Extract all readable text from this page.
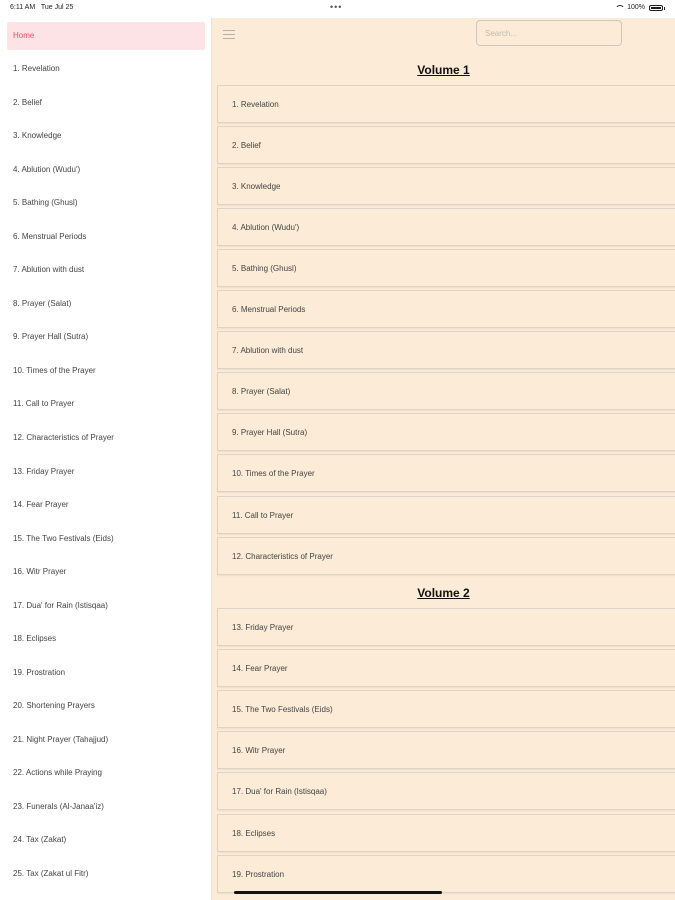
6:11 AM Tue Jul 25	•••	100%
Home
1. Revelation
2. Belief
3. Knowledge
4. Ablution (Wudu')
5. Bathing (Ghusl)
6. Menstrual Periods
7. Ablution with dust
8. Prayer (Salat)
9. Prayer Hall (Sutra)
10. Times of the Prayer
11. Call to Prayer
12. Characteristics of Prayer
13. Friday Prayer
14. Fear Prayer
15. The Two Festivals (Eids)
16. Witr Prayer
17. Dua' for Rain (Istisqaa)
18. Eclipses
19. Prostration
20. Shortening Prayers
21. Night Prayer (Tahajjud)
22. Actions while Praying
23. Funerals (Al-Janaa'iz)
24. Tax (Zakat)
25. Tax (Zakat ul Fitr)
Search...
Volume 1
1. Revelation
2. Belief
3. Knowledge
4. Ablution (Wudu')
5. Bathing (Ghusl)
6. Menstrual Periods
7. Ablution with dust
8. Prayer (Salat)
9. Prayer Hall (Sutra)
10. Times of the Prayer
11. Call to Prayer
12. Characteristics of Prayer
Volume 2
13. Friday Prayer
14. Fear Prayer
15. The Two Festivals (Eids)
16. Witr Prayer
17. Dua' for Rain (Istisqaa)
18. Eclipses
19. Prostration
